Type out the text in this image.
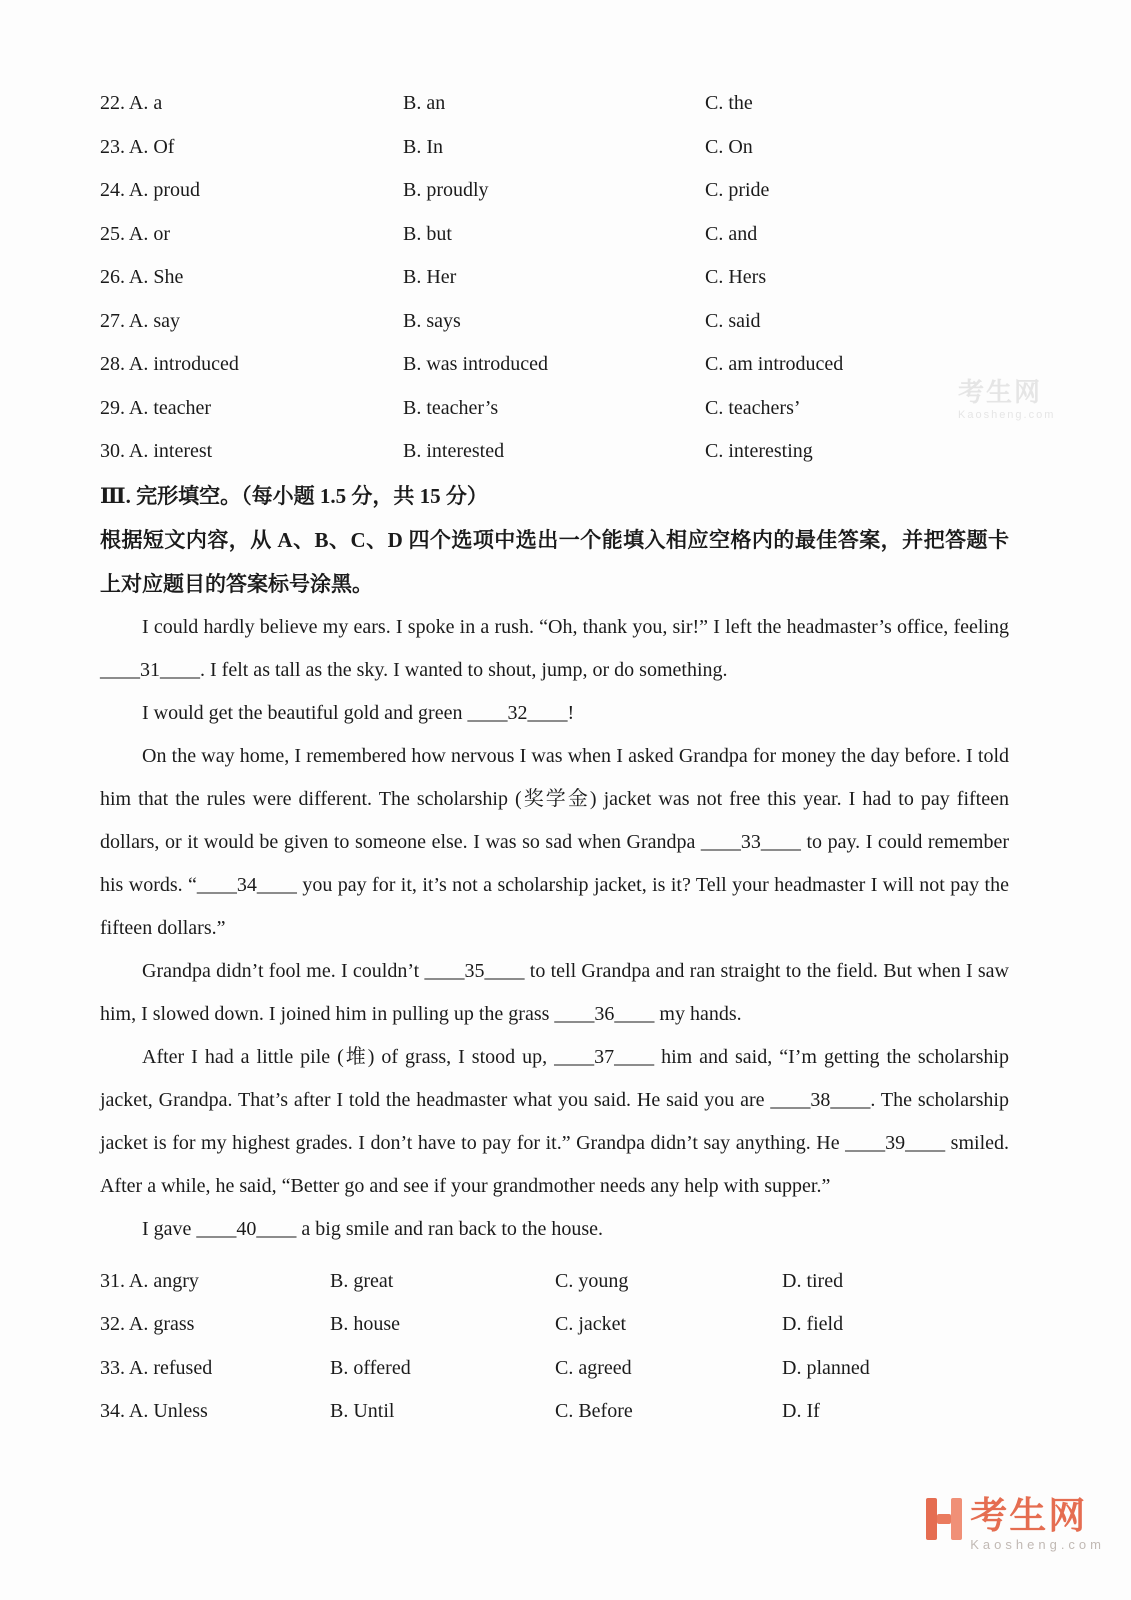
22. A. a	B. an	C. the
23. A. Of	B. In	C. On
24. A. proud	B. proudly	C. pride
25. A. or	B. but	C. and
26. A. She	B. Her	C. Hers
27. A. say	B. says	C. said
28. A. introduced	B. was introduced	C. am introduced
29. A. teacher	B. teacher’s	C. teachers’
30. A. interest	B. interested	C. interesting
Ⅲ. 完形填空。（每小题 1.5 分，共 15 分）

根据短文内容，从 A、B、C、D 四个选项中选出一个能填入相应空格内的最佳答案，并把答题卡上对应题目的答案标号涂黑。

I could hardly believe my ears. I spoke in a rush. “Oh, thank you, sir!” I left the headmaster’s office, feeling ____31____. I felt as tall as the sky. I wanted to shout, jump, or do something.

I would get the beautiful gold and green ____32____!

On the way home, I remembered how nervous I was when I asked Grandpa for money the day before. I told him that the rules were different. The scholarship (奖学金) jacket was not free this year. I had to pay fifteen dollars, or it would be given to someone else. I was so sad when Grandpa ____33____ to pay. I could remember his words. “____34____ you pay for it, it’s not a scholarship jacket, is it? Tell your headmaster I will not pay the fifteen dollars.”

Grandpa didn’t fool me. I couldn’t ____35____ to tell Grandpa and ran straight to the field. But when I saw him, I slowed down. I joined him in pulling up the grass ____36____ my hands.

After I had a little pile (堆) of grass, I stood up, ____37____ him and said, “I’m getting the scholarship jacket, Grandpa. That’s after I told the headmaster what you said. He said you are ____38____. The scholarship jacket is for my highest grades. I don’t have to pay for it.” Grandpa didn’t say anything. He ____39____ smiled. After a while, he said, “Better go and see if your grandmother needs any help with supper.”

I gave ____40____ a big smile and ran back to the house.

31. A. angry	B. great	C. young	D. tired
32. A. grass	B. house	C. jacket	D. field
33. A. refused	B. offered	C. agreed	D. planned
34. A. Unless	B. Until	C. Before	D. If
考生网
Kaosheng.com
考生网
Kaosheng.com
